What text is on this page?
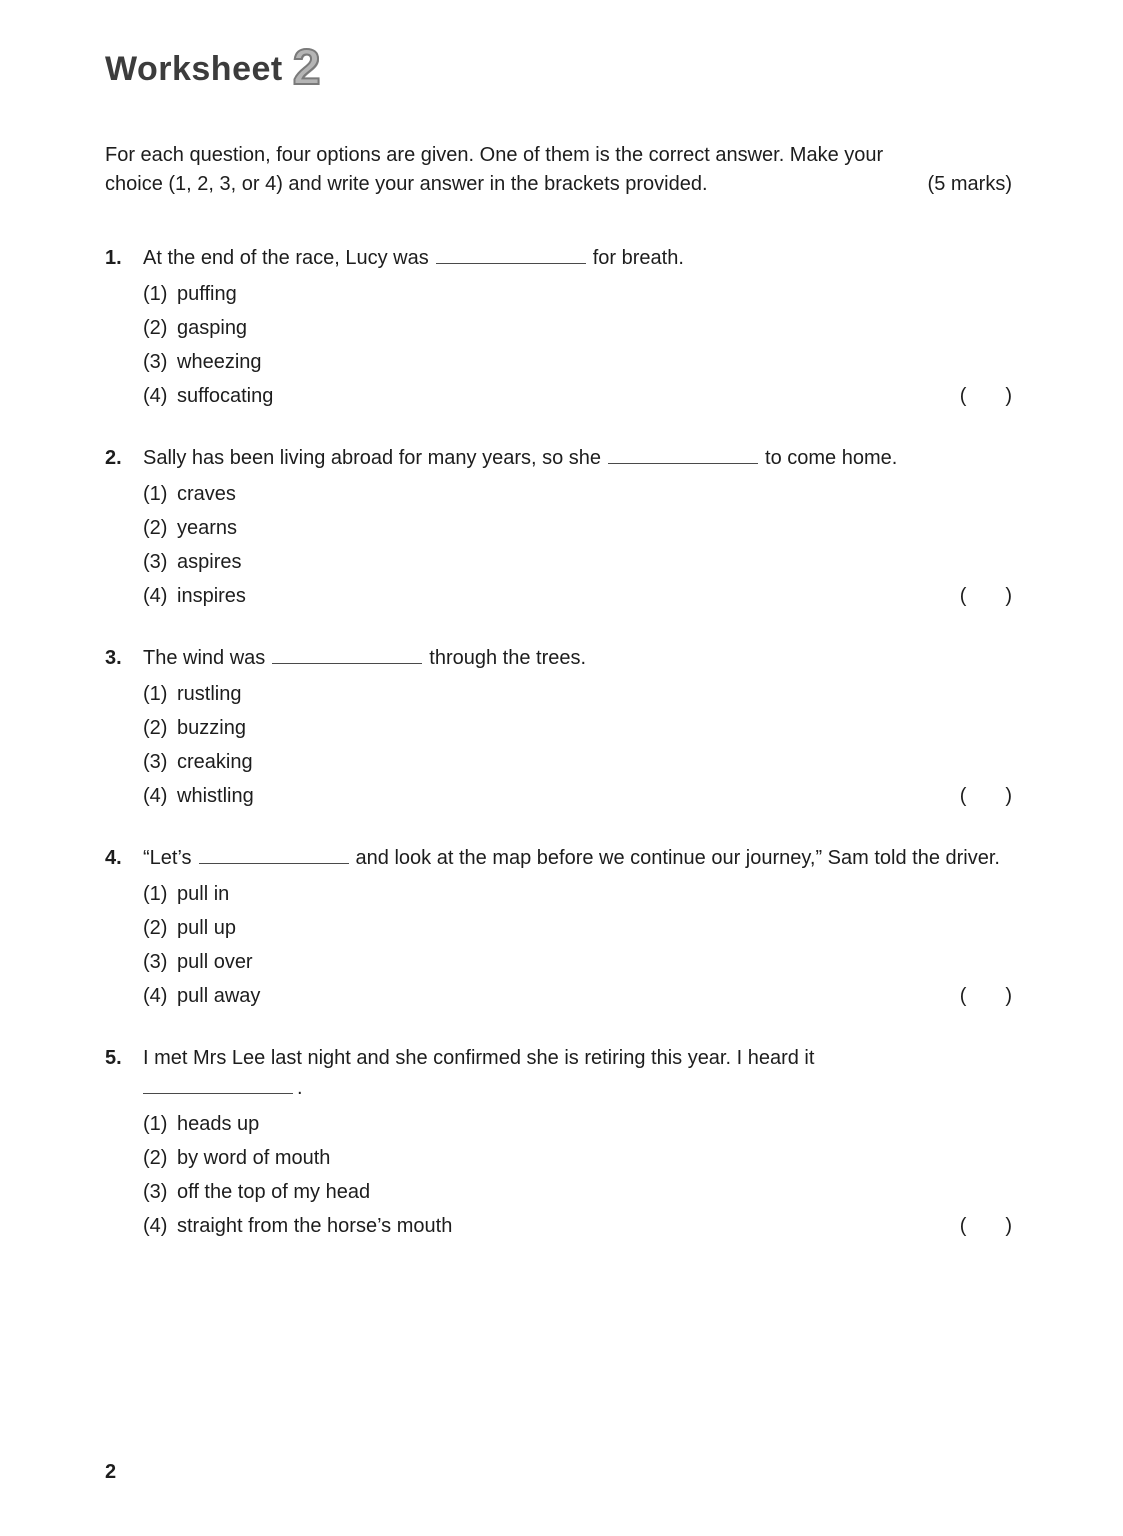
Worksheet 2
For each question, four options are given. One of them is the correct answer. Make your choice (1, 2, 3, or 4) and write your answer in the brackets provided.	(5 marks)
1.	At the end of the race, Lucy was	for breath.

(1) puffing
(2) gasping
(3) wheezing
(4) suffocating	(       )
2.	Sally has been living abroad for many years, so she	to come home.

(1) craves
(2) yearns
(3) aspires
(4) inspires	(       )
3.	The wind was	through the trees.

(1) rustling
(2) buzzing
(3) creaking
(4) whistling	(       )
4.	“Let’s	and look at the map before we continue our journey,” Sam told the driver.

(1) pull in
(2) pull up
(3) pull over
(4) pull away	(       )
5.	I met Mrs Lee last night and she confirmed she is retiring this year. I heard it
.

(1) heads up
(2) by word of mouth
(3) off the top of my head
(4) straight from the horse’s mouth	(       )
2
